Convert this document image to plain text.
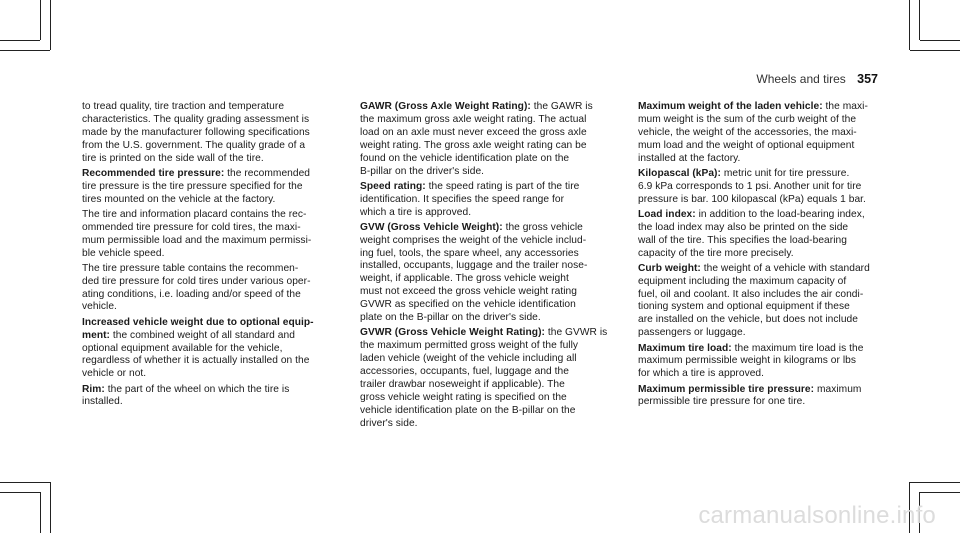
Wheels and tires 357

to tread quality, tire traction and temperature
characteristics. The quality grading assessment is
made by the manufacturer following specifications
from the U.S. government. The quality grade of a
tire is printed on the side wall of the tire.

Recommended tire pressure: the recommended
tire pressure is the tire pressure specified for the
tires mounted on the vehicle at the factory.

The tire and information placard contains the rec-
ommended tire pressure for cold tires, the maxi-
mum permissible load and the maximum permissi-
ble vehicle speed.

The tire pressure table contains the recommen-
ded tire pressure for cold tires under various oper-
ating conditions, i.e. loading and/or speed of the
vehicle.

Increased vehicle weight due to optional equip-
ment: the combined weight of all standard and
optional equipment available for the vehicle,
regardless of whether it is actually installed on the
vehicle or not.

Rim: the part of the wheel on which the tire is
installed.

GAWR (Gross Axle Weight Rating): the GAWR is
the maximum gross axle weight rating. The actual
load on an axle must never exceed the gross axle
weight rating. The gross axle weight rating can be
found on the vehicle identification plate on the
B-pillar on the driver's side.

Speed rating: the speed rating is part of the tire
identification. It specifies the speed range for
which a tire is approved.

GVW (Gross Vehicle Weight): the gross vehicle
weight comprises the weight of the vehicle includ-
ing fuel, tools, the spare wheel, any accessories
installed, occupants, luggage and the trailer nose-
weight, if applicable. The gross vehicle weight
must not exceed the gross vehicle weight rating
GVWR as specified on the vehicle identification
plate on the B-pillar on the driver's side.

GVWR (Gross Vehicle Weight Rating): the GVWR is
the maximum permitted gross weight of the fully
laden vehicle (weight of the vehicle including all
accessories, occupants, fuel, luggage and the
trailer drawbar noseweight if applicable). The
gross vehicle weight rating is specified on the
vehicle identification plate on the B-pillar on the
driver's side.

Maximum weight of the laden vehicle: the maxi-
mum weight is the sum of the curb weight of the
vehicle, the weight of the accessories, the maxi-
mum load and the weight of optional equipment
installed at the factory.

Kilopascal (kPa): metric unit for tire pressure.
6.9 kPa corresponds to 1 psi. Another unit for tire
pressure is bar. 100 kilopascal (kPa) equals 1 bar.

Load index: in addition to the load-bearing index,
the load index may also be printed on the side
wall of the tire. This specifies the load-bearing
capacity of the tire more precisely.

Curb weight: the weight of a vehicle with standard
equipment including the maximum capacity of
fuel, oil and coolant. It also includes the air condi-
tioning system and optional equipment if these
are installed on the vehicle, but does not include
passengers or luggage.

Maximum tire load: the maximum tire load is the
maximum permissible weight in kilograms or lbs
for which a tire is approved.

Maximum permissible tire pressure: maximum
permissible tire pressure for one tire.

carmanualsonline.info
